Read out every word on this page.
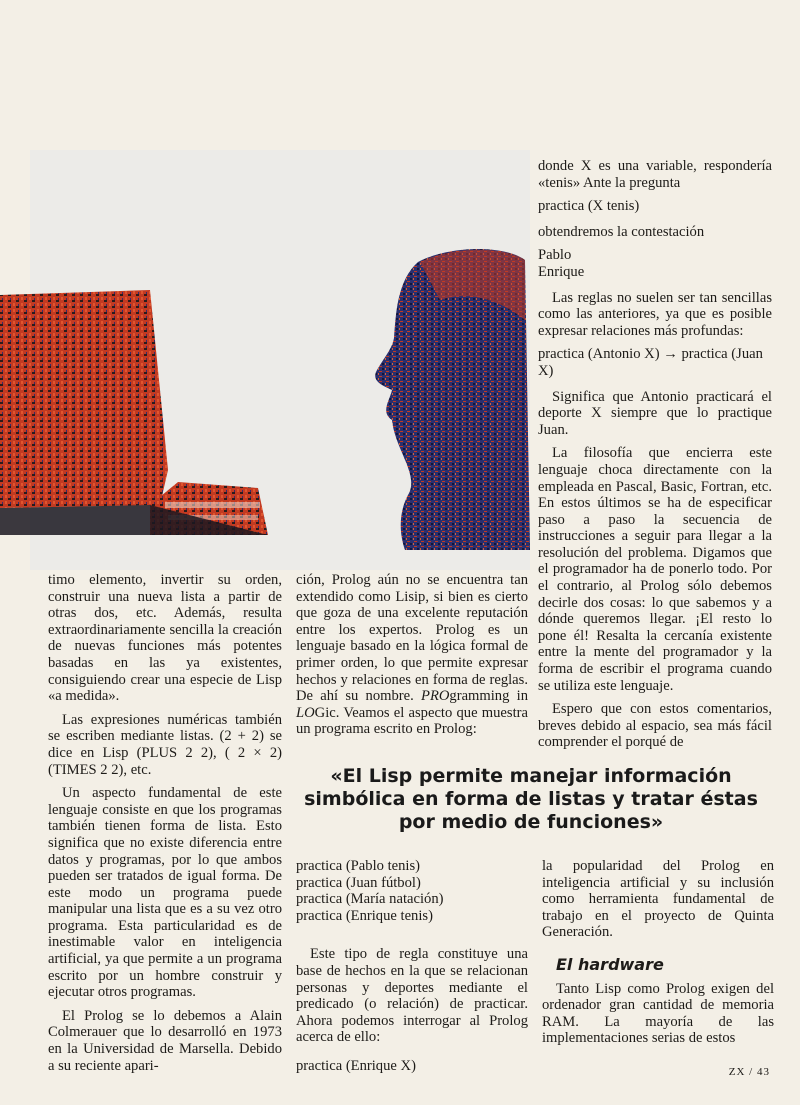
donde X es una variable, respondería «tenis» Ante la pregunta

practica (X tenis)

obtendremos la contestación

Pablo

Enrique

Las reglas no suelen ser tan sencillas como las anteriores, ya que es posible expresar relaciones más profundas:

practica (Antonio X) → practica (Juan X)

Significa que Antonio practicará el deporte X siempre que lo practique Juan.

La filosofía que encierra este lenguaje choca directamente con la empleada en Pascal, Basic, Fortran, etc. En estos últimos se ha de especificar paso a paso la secuencia de instrucciones a seguir para llegar a la resolución del problema. Digamos que el programador ha de ponerlo todo. Por el contrario, al Prolog sólo debemos decirle dos cosas: lo que sabemos y a dónde queremos llegar. ¡El resto lo pone él! Resalta la cercanía existente entre la mente del programador y la forma de escribir el programa cuando se utiliza este lenguaje.

Espero que con estos comentarios, breves debido al espacio, sea más fácil comprender el porqué de

timo elemento, invertir su orden, construir una nueva lista a partir de otras dos, etc. Además, resulta extraordinariamente sencilla la creación de nuevas funciones más potentes basadas en las ya existentes, consiguiendo crear una especie de Lisp «a medida».

Las expresiones numéricas también se escriben mediante listas. (2 + 2) se dice en Lisp (PLUS 2 2), ( 2 × 2) (TIMES 2 2), etc.

Un aspecto fundamental de este lenguaje consiste en que los programas también tienen forma de lista. Esto significa que no existe diferencia entre datos y programas, por lo que ambos pueden ser tratados de igual forma. De este modo un programa puede manipular una lista que es a su vez otro programa. Esta particularidad es de inestimable valor en inteligencia artificial, ya que permite a un programa escrito por un hombre construir y ejecutar otros programas.

El Prolog se lo debemos a Alain Colmerauer que lo desarrolló en 1973 en la Universidad de Marsella. Debido a su reciente apari-

ción, Prolog aún no se encuentra tan extendido como Lisip, si bien es cierto que goza de una excelente reputación entre los expertos. Prolog es un lenguaje basado en la lógica formal de primer orden, lo que permite expresar hechos y relaciones en forma de reglas. De ahí su nombre. PROgramming in LOGic. Veamos el aspecto que muestra un programa escrito en Prolog:

«El Lisp permite manejar información simbólica en forma de listas y tratar éstas por medio de funciones»

practica (Pablo tenis)

practica (Juan fútbol)

practica (María natación)

practica (Enrique tenis)

Este tipo de regla constituye una base de hechos en la que se relacionan personas y deportes mediante el predicado (o relación) de practicar. Ahora podemos interrogar al Prolog acerca de ello:

practica (Enrique X)

la popularidad del Prolog en inteligencia artificial y su inclusión como herramienta fundamental de trabajo en el proyecto de Quinta Generación.

El hardware

Tanto Lisp como Prolog exigen del ordenador gran cantidad de memoria RAM. La mayoría de las implementaciones serias de estos

ZX / 43
